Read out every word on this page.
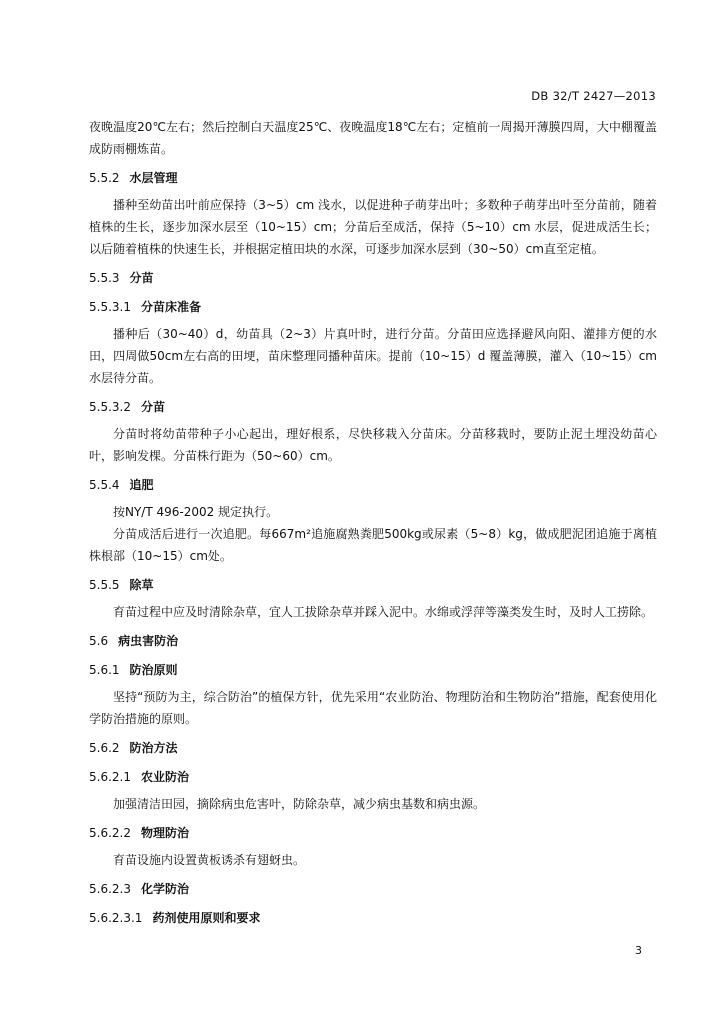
DB 32/T 2427—2013

夜晚温度20℃左右；然后控制白天温度25℃、夜晚温度18℃左右；定植前一周揭开薄膜四周，大中棚覆盖成防雨棚炼苗。

5.5.2 水层管理

播种至幼苗出叶前应保持（3~5）cm 浅水，以促进种子萌芽出叶；多数种子萌芽出叶至分苗前，随着植株的生长，逐步加深水层至（10~15）cm；分苗后至成活，保持（5~10）cm 水层，促进成活生长；以后随着植株的快速生长，并根据定植田块的水深，可逐步加深水层到（30~50）cm直至定植。

5.5.3 分苗

5.5.3.1 分苗床准备

播种后（30~40）d，幼苗具（2~3）片真叶时，进行分苗。分苗田应选择避风向阳、灌排方便的水田，四周做50cm左右高的田埂，苗床整理同播种苗床。提前（10~15）d 覆盖薄膜，灌入（10~15）cm 水层待分苗。

5.5.3.2 分苗

分苗时将幼苗带种子小心起出，理好根系，尽快移栽入分苗床。分苗移栽时，要防止泥土埋没幼苗心叶，影响发棵。分苗株行距为（50~60）cm。

5.5.4 追肥

按NY/T 496-2002 规定执行。

分苗成活后进行一次追肥。每667m²追施腐熟粪肥500kg或尿素（5~8）kg，做成肥泥团追施于离植株根部（10~15）cm处。

5.5.5 除草

育苗过程中应及时清除杂草，宜人工拔除杂草并踩入泥中。水绵或浮萍等藻类发生时，及时人工捞除。

5.6 病虫害防治

5.6.1 防治原则

坚持“预防为主，综合防治”的植保方针，优先采用“农业防治、物理防治和生物防治”措施，配套使用化学防治措施的原则。

5.6.2 防治方法

5.6.2.1 农业防治

加强清洁田园，摘除病虫危害叶，防除杂草，减少病虫基数和病虫源。

5.6.2.2 物理防治

育苗设施内设置黄板诱杀有翅蚜虫。

5.6.2.3 化学防治

5.6.2.3.1 药剂使用原则和要求

3
